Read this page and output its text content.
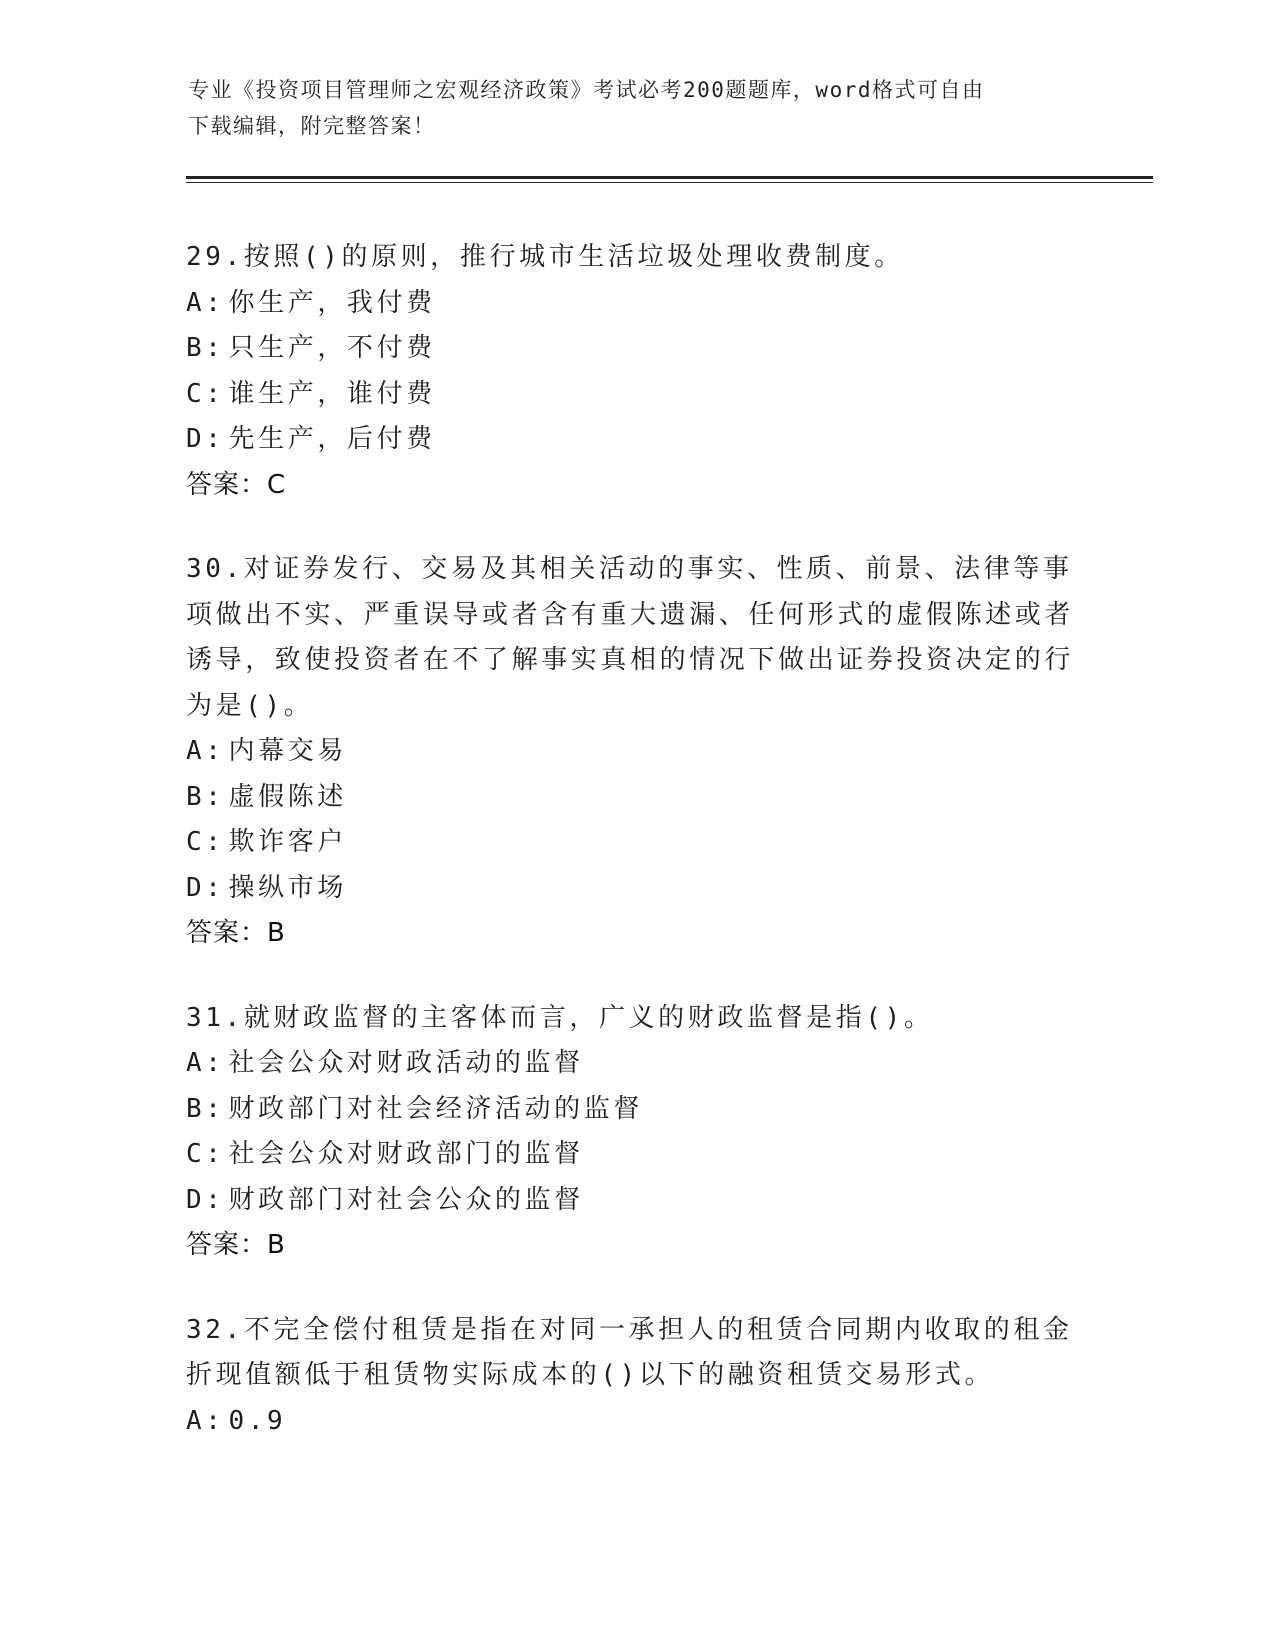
专业《投资项目管理师之宏观经济政策》考试必考200题题库，word格式可自由
下载编辑，附完整答案！

29.按照()的原则，推行城市生活垃圾处理收费制度。

A: 你生产，我付费

B: 只生产，不付费

C: 谁生产，谁付费

D: 先生产，后付费

答案：C

30.对证券发行、交易及其相关活动的事实、性质、前景、法律等事项做出不实、严重误导或者含有重大遗漏、任何形式的虚假陈述或者诱导，致使投资者在不了解事实真相的情况下做出证券投资决定的行为是()。

A: 内幕交易

B: 虚假陈述

C: 欺诈客户

D: 操纵市场

答案：B

31.就财政监督的主客体而言，广义的财政监督是指()。

A: 社会公众对财政活动的监督

B: 财政部门对社会经济活动的监督

C: 社会公众对财政部门的监督

D: 财政部门对社会公众的监督

答案：B

32.不完全偿付租赁是指在对同一承担人的租赁合同期内收取的租金折现值额低于租赁物实际成本的()以下的融资租赁交易形式。

A: 0.9
